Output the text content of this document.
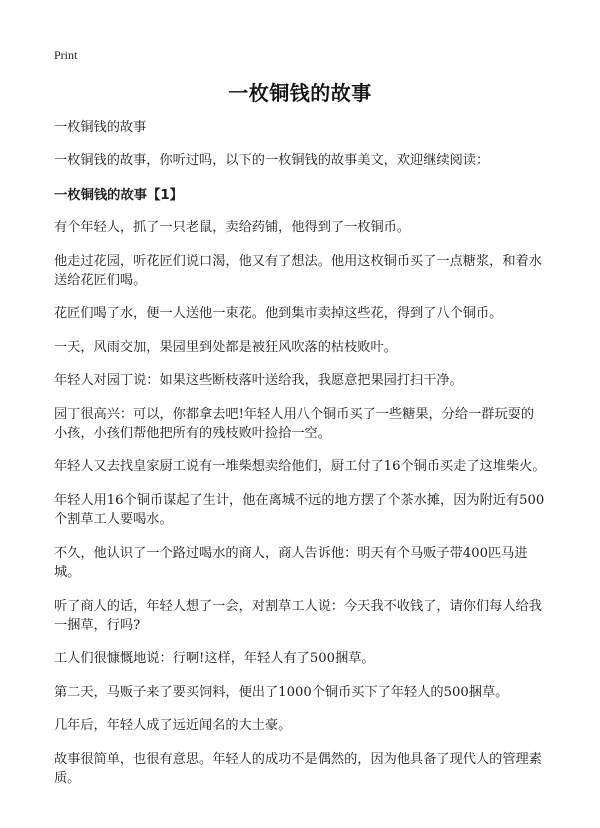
Print
一枚铜钱的故事

一枚铜钱的故事

一枚铜钱的故事，你听过吗，以下的一枚铜钱的故事美文，欢迎继续阅读：

一枚铜钱的故事【1】

有个年轻人，抓了一只老鼠，卖给药铺，他得到了一枚铜币。

他走过花园，听花匠们说口渴，他又有了想法。他用这枚铜币买了一点糖浆，和着水送给花匠们喝。

花匠们喝了水，便一人送他一束花。他到集市卖掉这些花，得到了八个铜币。

一天，风雨交加，果园里到处都是被狂风吹落的枯枝败叶。

年轻人对园丁说：如果这些断枝落叶送给我，我愿意把果园打扫干净。

园丁很高兴：可以，你都拿去吧!年轻人用八个铜币买了一些糖果，分给一群玩耍的小孩，小孩们帮他把所有的残枝败叶捡拾一空。

年轻人又去找皇家厨工说有一堆柴想卖给他们，厨工付了16个铜币买走了这堆柴火。

年轻人用16个铜币谋起了生计，他在离城不远的地方摆了个茶水摊，因为附近有500个割草工人要喝水。

不久，他认识了一个路过喝水的商人，商人告诉他：明天有个马贩子带400匹马进城。

听了商人的话，年轻人想了一会，对割草工人说：今天我不收钱了，请你们每人给我一捆草，行吗?

工人们很慷慨地说：行啊!这样，年轻人有了500捆草。

第二天，马贩子来了要买饲料，便出了1000个铜币买下了年轻人的500捆草。

几年后，年轻人成了远近闻名的大土豪。

故事很简单，也很有意思。年轻人的成功不是偶然的，因为他具备了现代人的管理素质。
